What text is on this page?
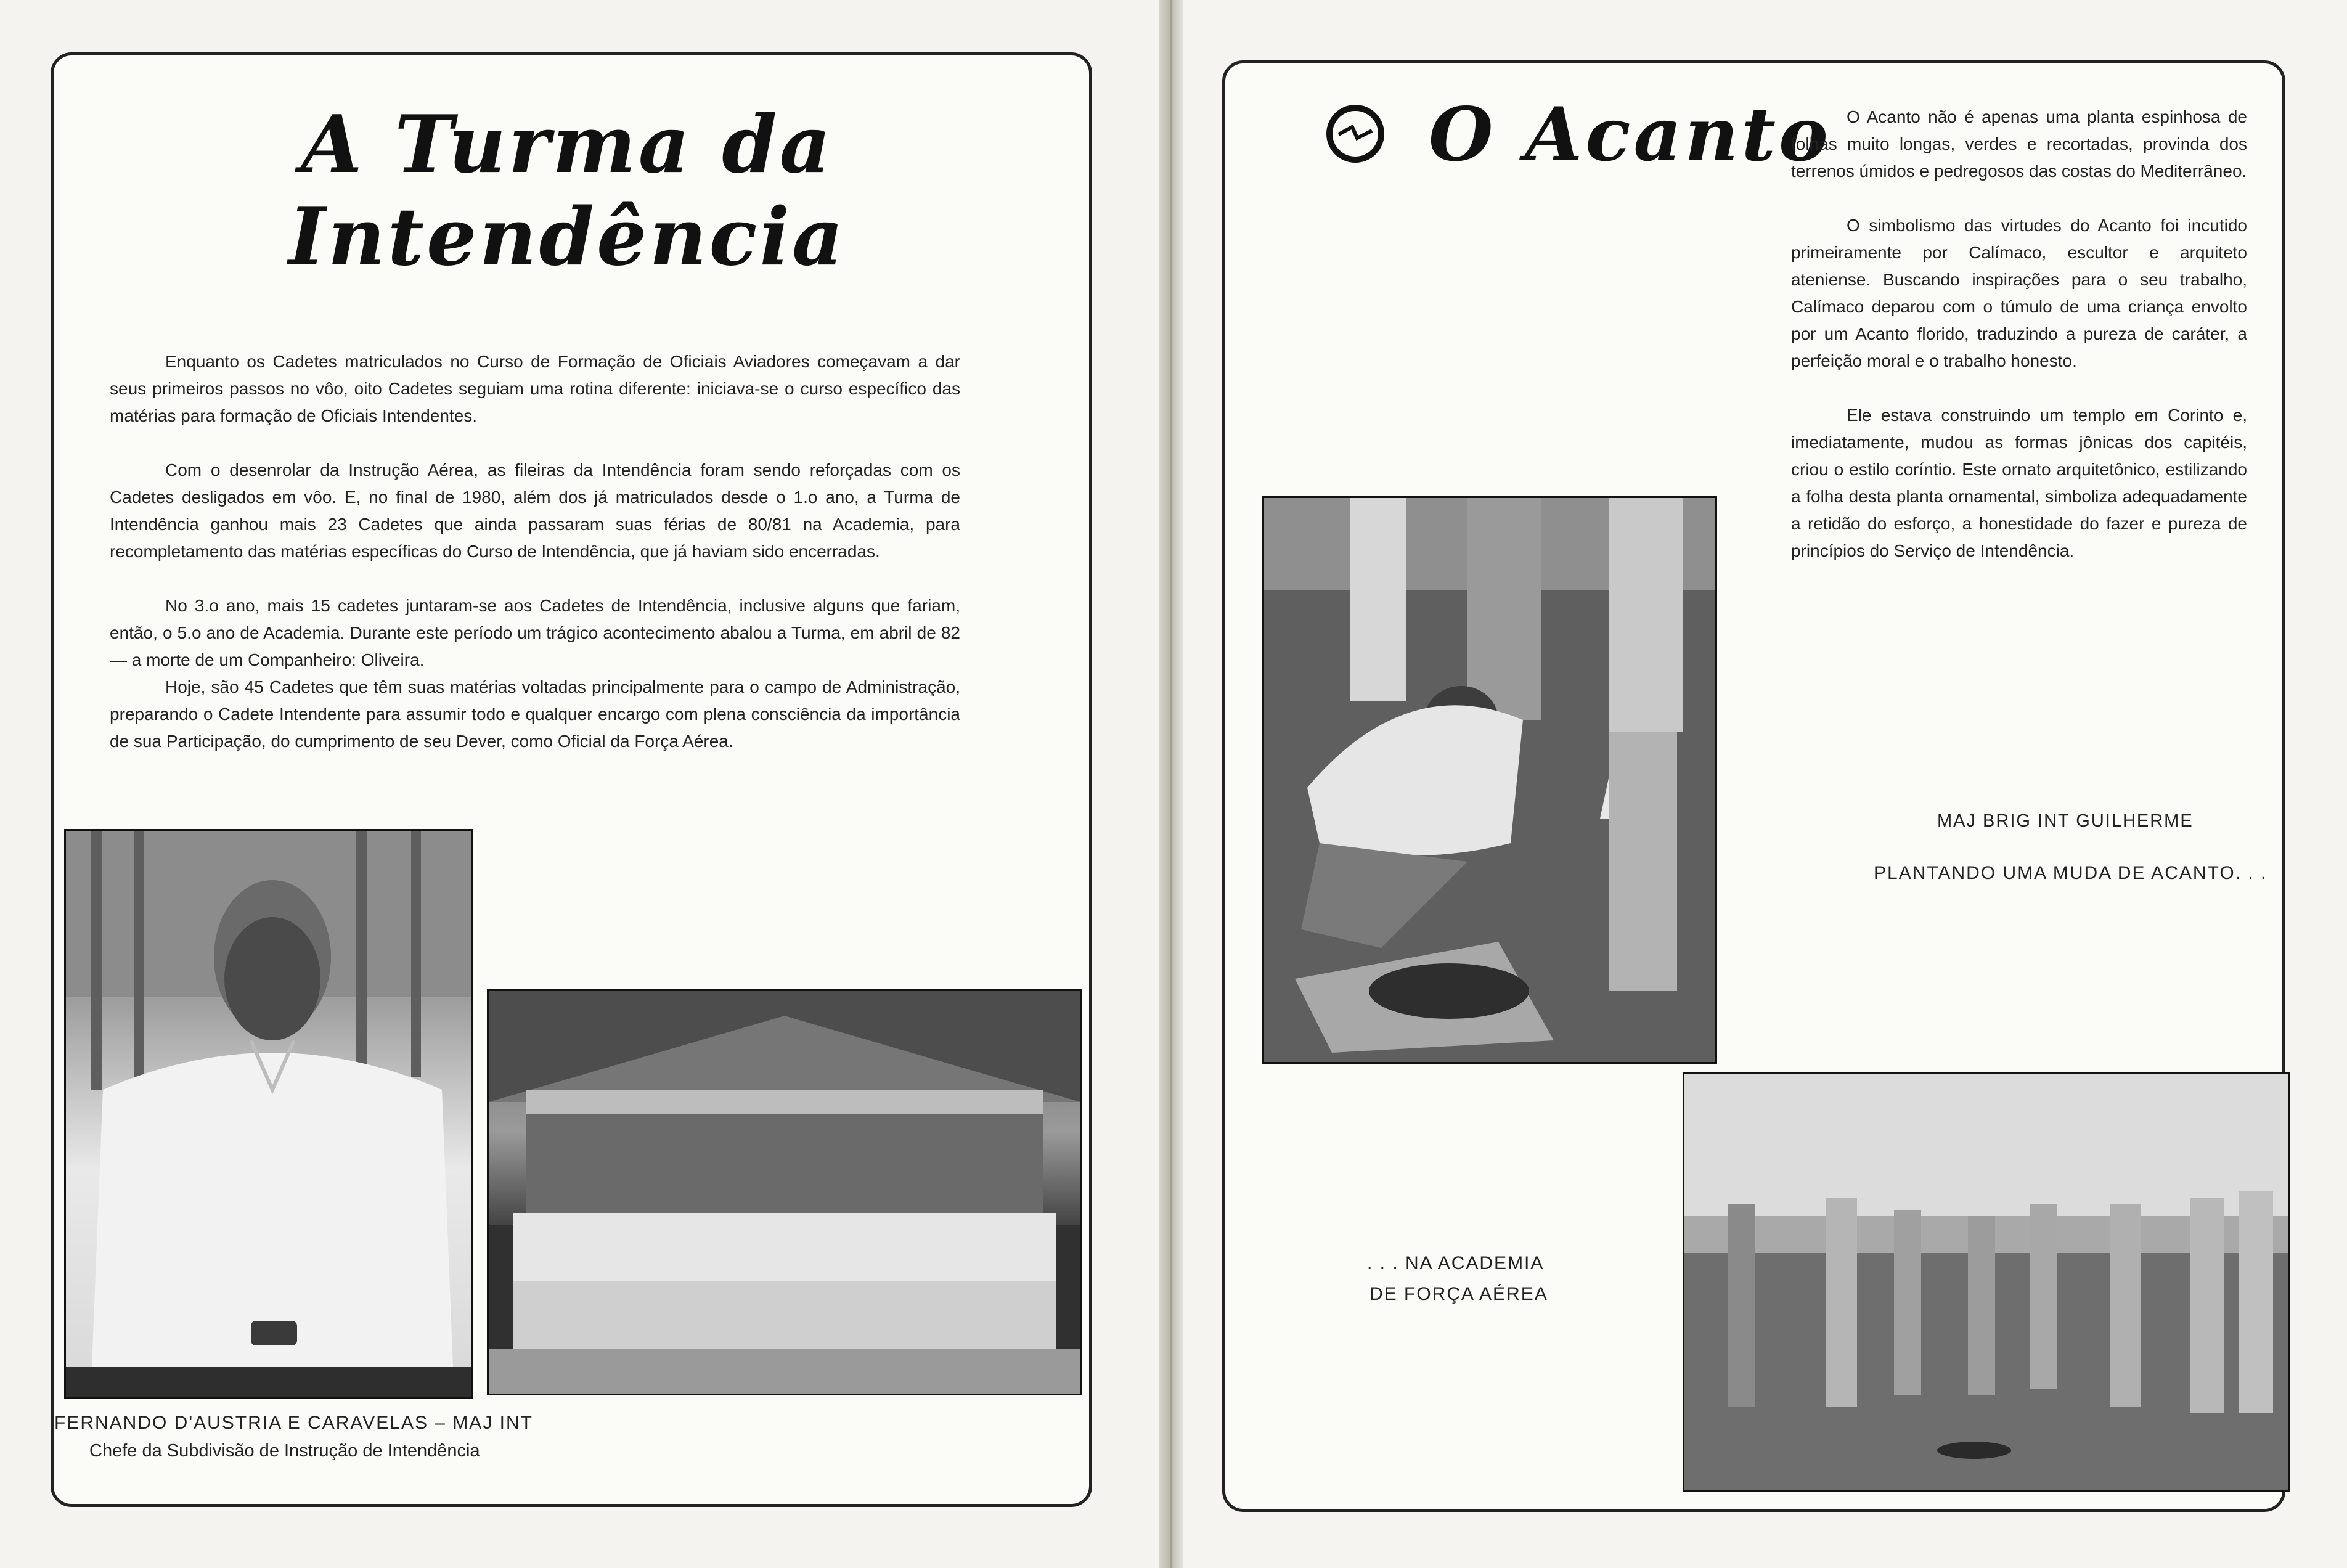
A Turma da Intendência

Enquanto os Cadetes matriculados no Curso de Formação de Oficiais Aviadores começavam a dar seus primeiros passos no vôo, oito Cadetes seguiam uma rotina diferente: iniciava-se o curso específico das matérias para formação de Oficiais Intendentes.

Com o desenrolar da Instrução Aérea, as fileiras da Intendência foram sendo reforçadas com os Cadetes desligados em vôo. E, no final de 1980, além dos já matriculados desde o 1.o ano, a Turma de Intendência ganhou mais 23 Cadetes que ainda passaram suas férias de 80/81 na Academia, para recompletamento das matérias específicas do Curso de Intendência, que já haviam sido encerradas.

No 3.o ano, mais 15 cadetes juntaram-se aos Cadetes de Intendência, inclusive alguns que fariam, então, o 5.o ano de Academia. Durante este período um trágico acontecimento abalou a Turma, em abril de 82 — a morte de um Companheiro: Oliveira.

Hoje, são 45 Cadetes que têm suas matérias voltadas principalmente para o campo de Administração, preparando o Cadete Intendente para assumir todo e qualquer encargo com plena consciência da importância de sua Participação, do cumprimento de seu Dever, como Oficial da Força Aérea.

FERNANDO D'AUSTRIA E CARAVELAS – MAJ INT
Chefe da Subdivisão de Instrução de Intendência
O Acanto O Acanto não é apenas uma planta espinhosa de folhas muito longas, verdes e recortadas, provinda dos terrenos úmidos e pedregosos das costas do Mediterrâneo.

O simbolismo das virtudes do Acanto foi incutido primeiramente por Calímaco, escultor e arquiteto ateniense. Buscando inspirações para o seu trabalho, Calímaco deparou com o túmulo de uma criança envolto por um Acanto florido, traduzindo a pureza de caráter, a perfeição moral e o trabalho honesto.

Ele estava construindo um templo em Corinto e, imediatamente, mudou as formas jônicas dos capitéis, criou o estilo coríntio. Este ornato arquitetônico, estilizando a folha desta planta ornamental, simboliza adequadamente a retidão do esforço, a honestidade do fazer e pureza de princípios do Serviço de Intendência.

MAJ BRIG INT GUILHERME
PLANTANDO UMA MUDA DE ACANTO. . .
. . . NA ACADEMIA
DE FORÇA AÉREA
